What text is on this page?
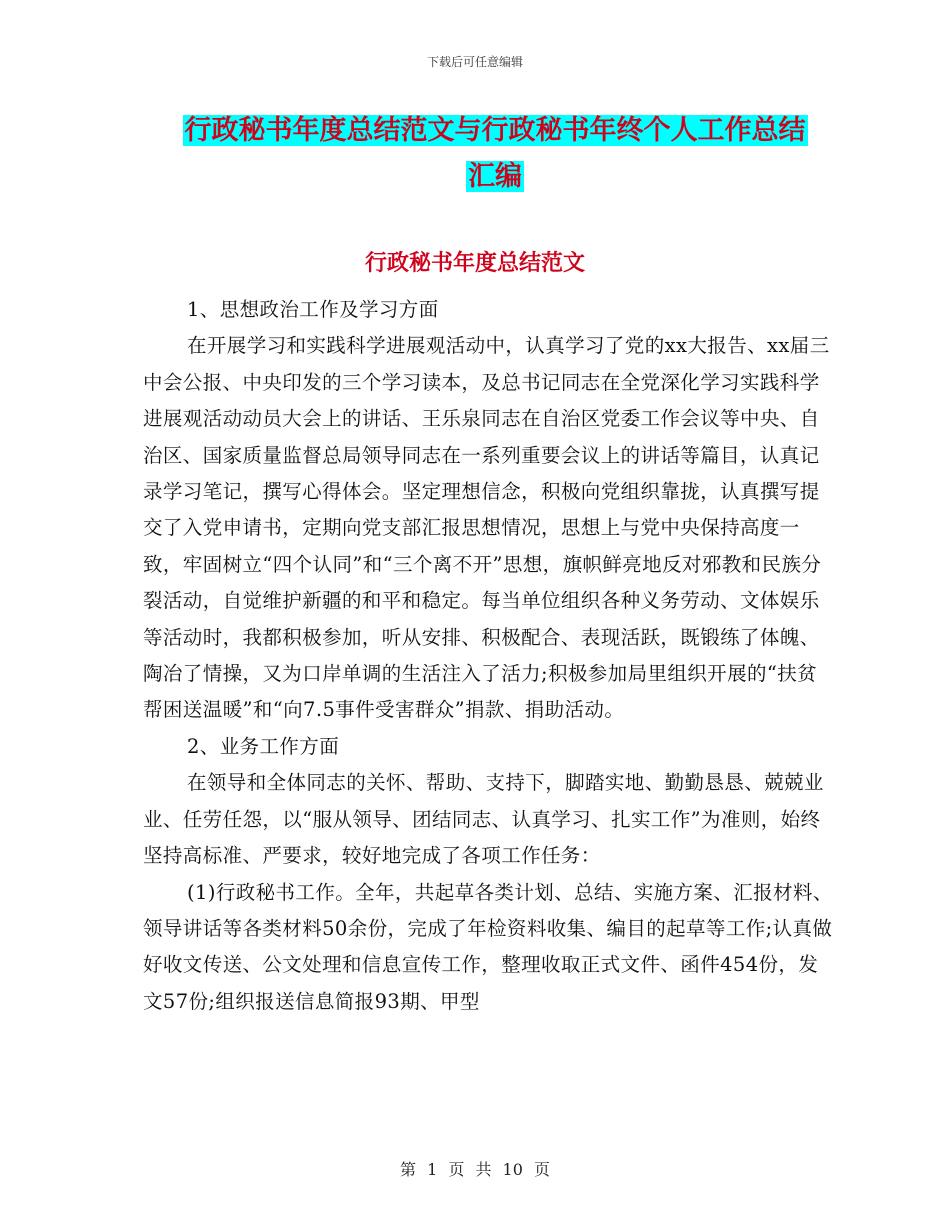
下载后可任意编辑
行政秘书年度总结范文与行政秘书年终个人工作总结
汇编
行政秘书年度总结范文

1、思想政治工作及学习方面

在开展学习和实践科学进展观活动中，认真学习了党的xx大报告、xx届三中会公报、中央印发的三个学习读本，及总书记同志在全党深化学习实践科学进展观活动动员大会上的讲话、王乐泉同志在自治区党委工作会议等中央、自治区、国家质量监督总局领导同志在一系列重要会议上的讲话等篇目，认真记录学习笔记，撰写心得体会。坚定理想信念，积极向党组织靠拢，认真撰写提交了入党申请书，定期向党支部汇报思想情况，思想上与党中央保持高度一致，牢固树立“四个认同”和“三个离不开”思想，旗帜鲜亮地反对邪教和民族分裂活动，自觉维护新疆的和平和稳定。每当单位组织各种义务劳动、文体娱乐等活动时，我都积极参加，听从安排、积极配合、表现活跃，既锻练了体魄、陶冶了情操，又为口岸单调的生活注入了活力;积极参加局里组织开展的“扶贫帮困送温暖”和“向7.5事件受害群众”捐款、捐助活动。

2、业务工作方面

在领导和全体同志的关怀、帮助、支持下，脚踏实地、勤勤恳恳、兢兢业业、任劳任怨，以“服从领导、团结同志、认真学习、扎实工作”为准则，始终坚持高标准、严要求，较好地完成了各项工作任务：

(1)行政秘书工作。全年，共起草各类计划、总结、实施方案、汇报材料、领导讲话等各类材料50余份，完成了年检资料收集、编目的起草等工作;认真做好收文传送、公文处理和信息宣传工作，整理收取正式文件、函件454份，发文57份;组织报送信息简报93期、甲型

第 1 页 共 10 页
